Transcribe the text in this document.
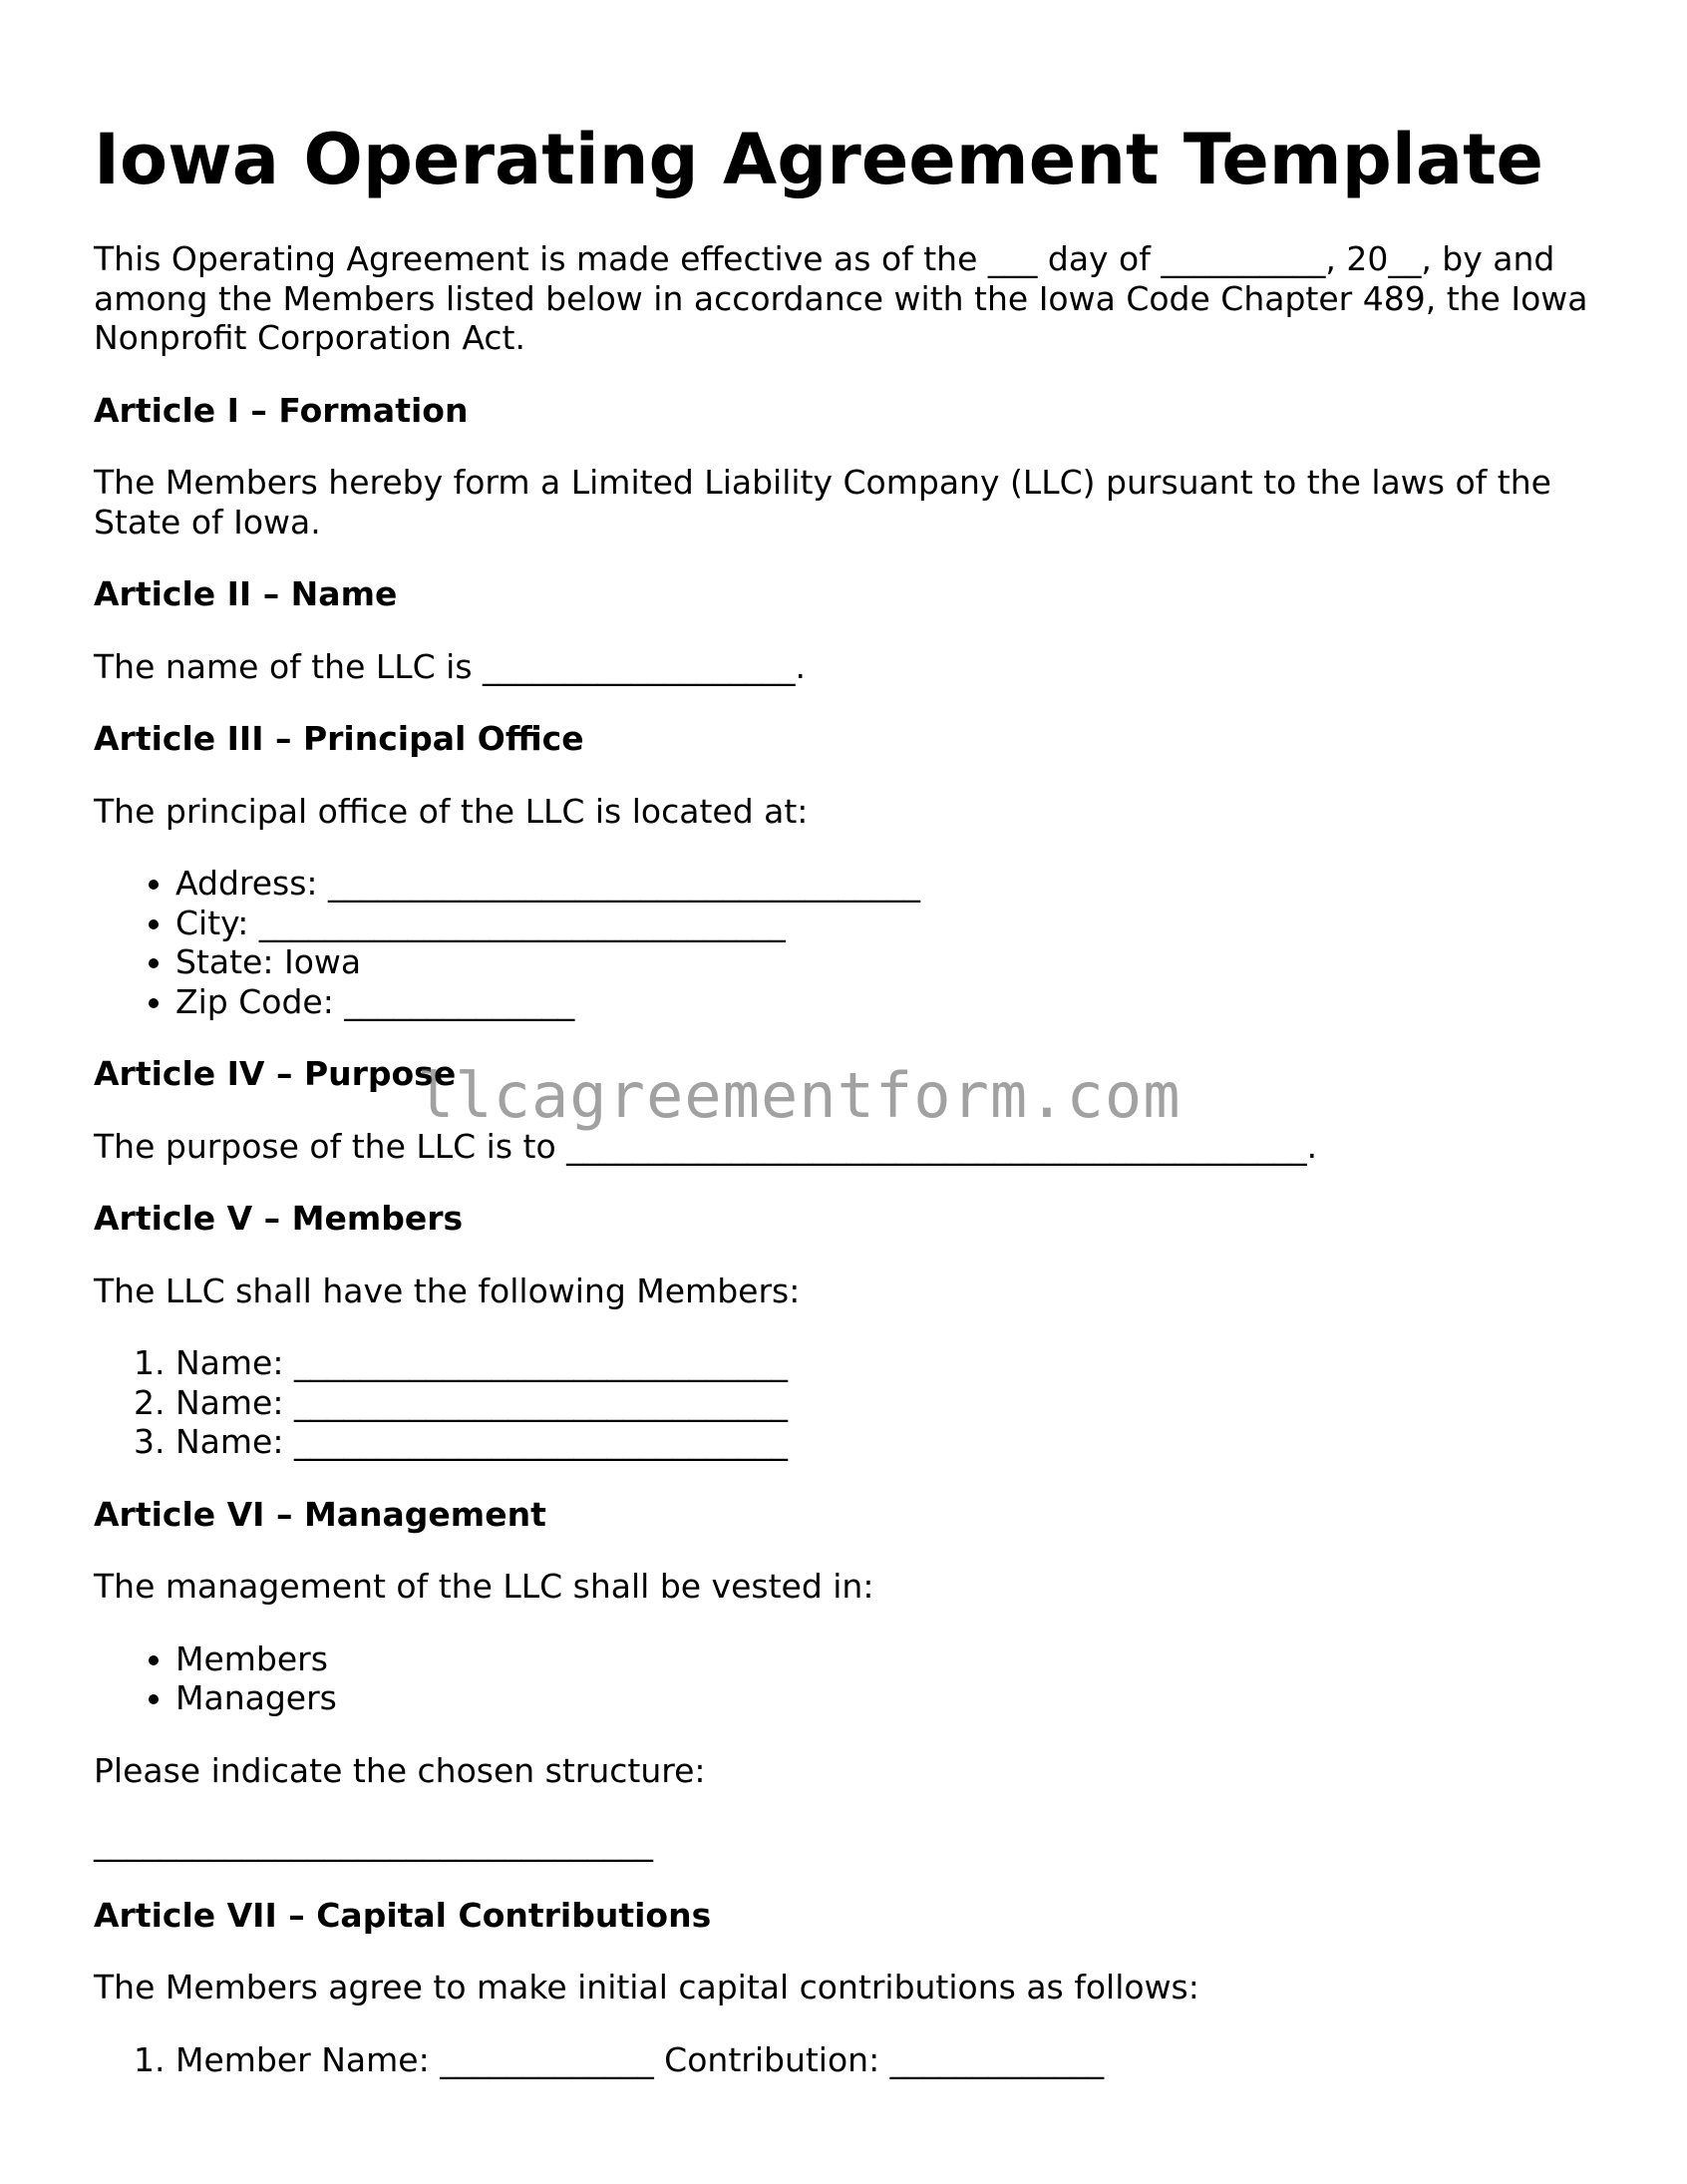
Iowa Operating Agreement Template

This Operating Agreement is made effective as of the ___ day of __________, 20__, by and among the Members listed below in accordance with the Iowa Code Chapter 489, the Iowa Nonprofit Corporation Act.

Article I – Formation

The Members hereby form a Limited Liability Company (LLC) pursuant to the laws of the State of Iowa.

Article II – Name

The name of the LLC is ___________________.

Article III – Principal Office

The principal office of the LLC is located at:

• Address: ____________________________________
• City: ________________________________
• State: Iowa
• Zip Code: ______________
Article IV – Purpose

The purpose of the LLC is to _____________________________________________.

Article V – Members

The LLC shall have the following Members:

1. Name: ______________________________
2. Name: ______________________________
3. Name: ______________________________
Article VI – Management

The management of the LLC shall be vested in:

• Members
• Managers

Please indicate the chosen structure:

__________________________________
Article VII – Capital Contributions

The Members agree to make initial capital contributions as follows:

1. Member Name: _____________ Contribution: _____________
llcagreementform.com
